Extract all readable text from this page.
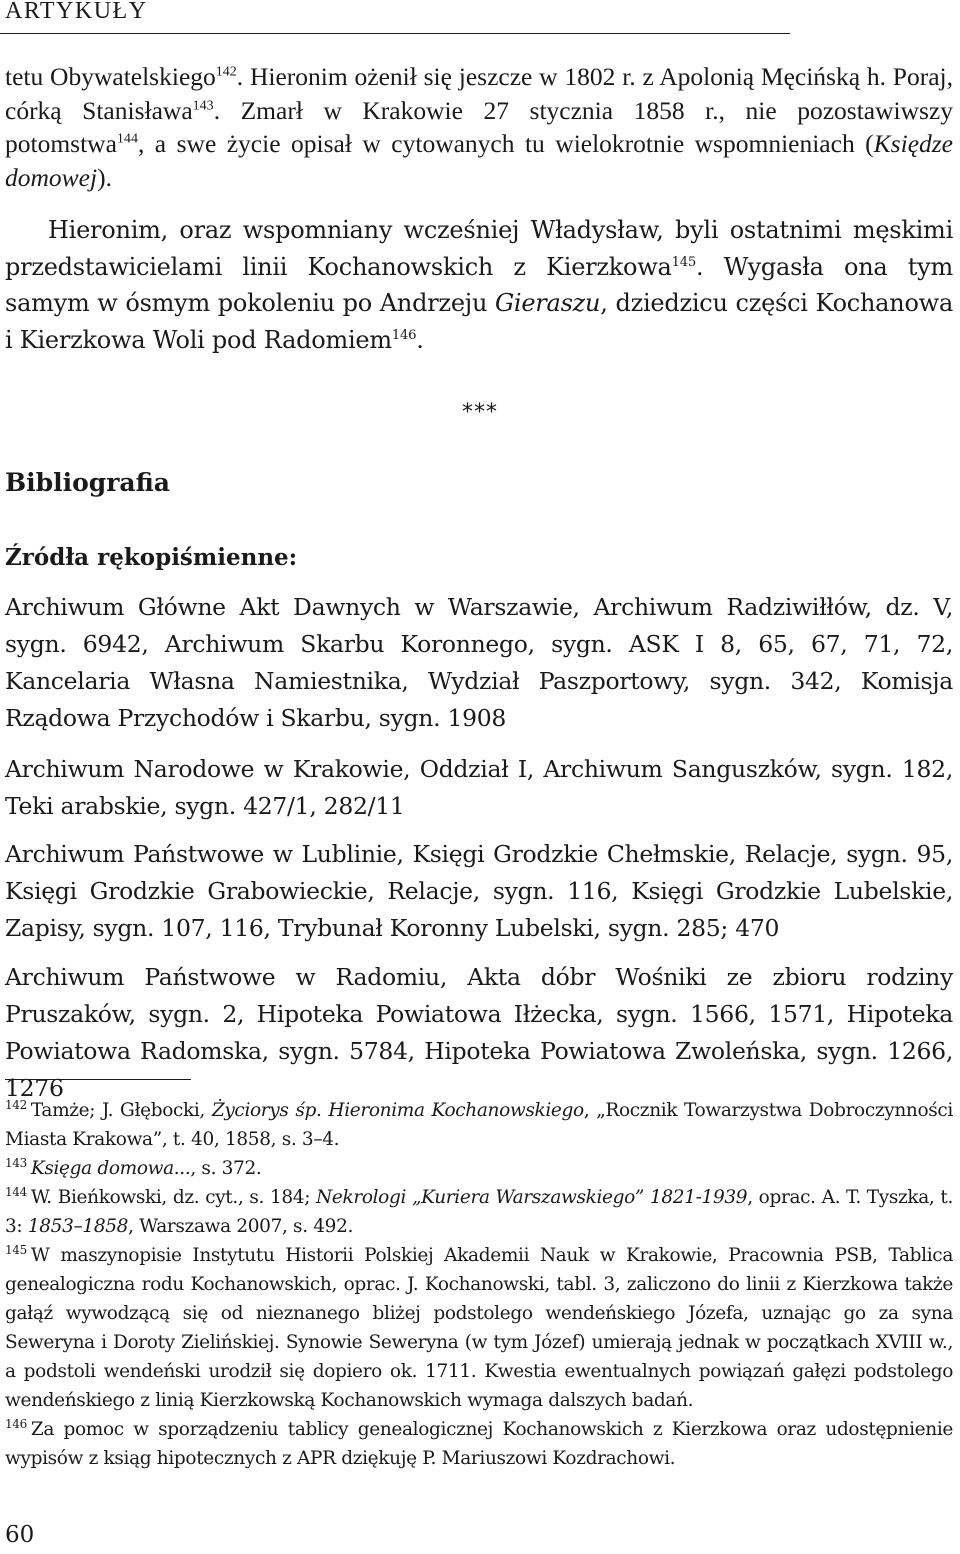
ARTYKUŁY
tetu Obywatelskiego$^{142}$. Hieronim ożenił się jeszcze w 1802 r. z Apolonią Męcińską h. Poraj, córką Stanisława$^{143}$. Zmarł w Krakowie 27 stycznia 1858 r., nie pozostawiwszy potomstwa$^{144}$, a swe życie opisał w cytowanych tu wielokrotnie wspomnieniach (Księdze domowej).
Hieronim, oraz wspomniany wcześniej Władysław, byli ostatnimi męskimi przedstawicielami linii Kochanowskich z Kierzkowa$^{145}$. Wygasła ona tym samym w ósmym pokoleniu po Andrzeju Gieraszu, dziedzicu części Kochanowa i Kierzkowa Woli pod Radomiem$^{146}$.
***
Bibliografia
Źródła rękopiśmienne:
Archiwum Główne Akt Dawnych w Warszawie, Archiwum Radziwiłłów, dz. V, sygn. 6942, Archiwum Skarbu Koronnego, sygn. ASK I 8, 65, 67, 71, 72, Kancelaria Własna Namiestnika, Wydział Paszportowy, sygn. 342, Komisja Rządowa Przychodów i Skarbu, sygn. 1908
Archiwum Narodowe w Krakowie, Oddział I, Archiwum Sanguszków, sygn. 182, Teki arabskie, sygn. 427/1, 282/11
Archiwum Państwowe w Lublinie, Księgi Grodzkie Chełmskie, Relacje, sygn. 95, Księgi Grodzkie Grabowieckie, Relacje, sygn. 116, Księgi Grodzkie Lubelskie, Zapisy, sygn. 107, 116, Trybunał Koronny Lubelski, sygn. 285; 470
Archiwum Państwowe w Radomiu, Akta dóbr Wośniki ze zbioru rodziny Pruszaków, sygn. 2, Hipoteka Powiatowa Iłżecka, sygn. 1566, 1571, Hipoteka Powiatowa Radomska, sygn. 5784, Hipoteka Powiatowa Zwoleńska, sygn. 1266, 1276
$^{142}$ Tamże; J. Głębocki, Życiorys śp. Hieronima Kochanowskiego, „Rocznik Towarzystwa Dobroczynności Miasta Krakowa”, t. 40, 1858, s. 3–4.
$^{143}$ Księga domowa..., s. 372.
$^{144}$ W. Bieńkowski, dz. cyt., s. 184; Nekrologi „Kuriera Warszawskiego” 1821-1939, oprac. A. T. Tyszka, t. 3: 1853–1858, Warszawa 2007, s. 492.
$^{145}$ W maszynopisie Instytutu Historii Polskiej Akademii Nauk w Krakowie, Pracownia PSB, Tablica genealogiczna rodu Kochanowskich, oprac. J. Kochanowski, tabl. 3, zaliczono do linii z Kierzkowa także gałąź wywodzącą się od nieznanego bliżej podstolego wendeńskiego Józefa, uznając go za syna Seweryna i Doroty Zielińskiej. Synowie Seweryna (w tym Józef) umierają jednak w początkach XVIII w., a podstoli wendeński urodził się dopiero ok. 1711. Kwestia ewentualnych powiązań gałęzi podstolego wendeńskiego z linią Kierzkowską Kochanowskich wymaga dalszych badań.
$^{146}$ Za pomoc w sporządzeniu tablicy genealogicznej Kochanowskich z Kierzkowa oraz udostępnienie wypisów z ksiąg hipotecznych z APR dziękuję P. Mariuszowi Kozdrachowi.
60
